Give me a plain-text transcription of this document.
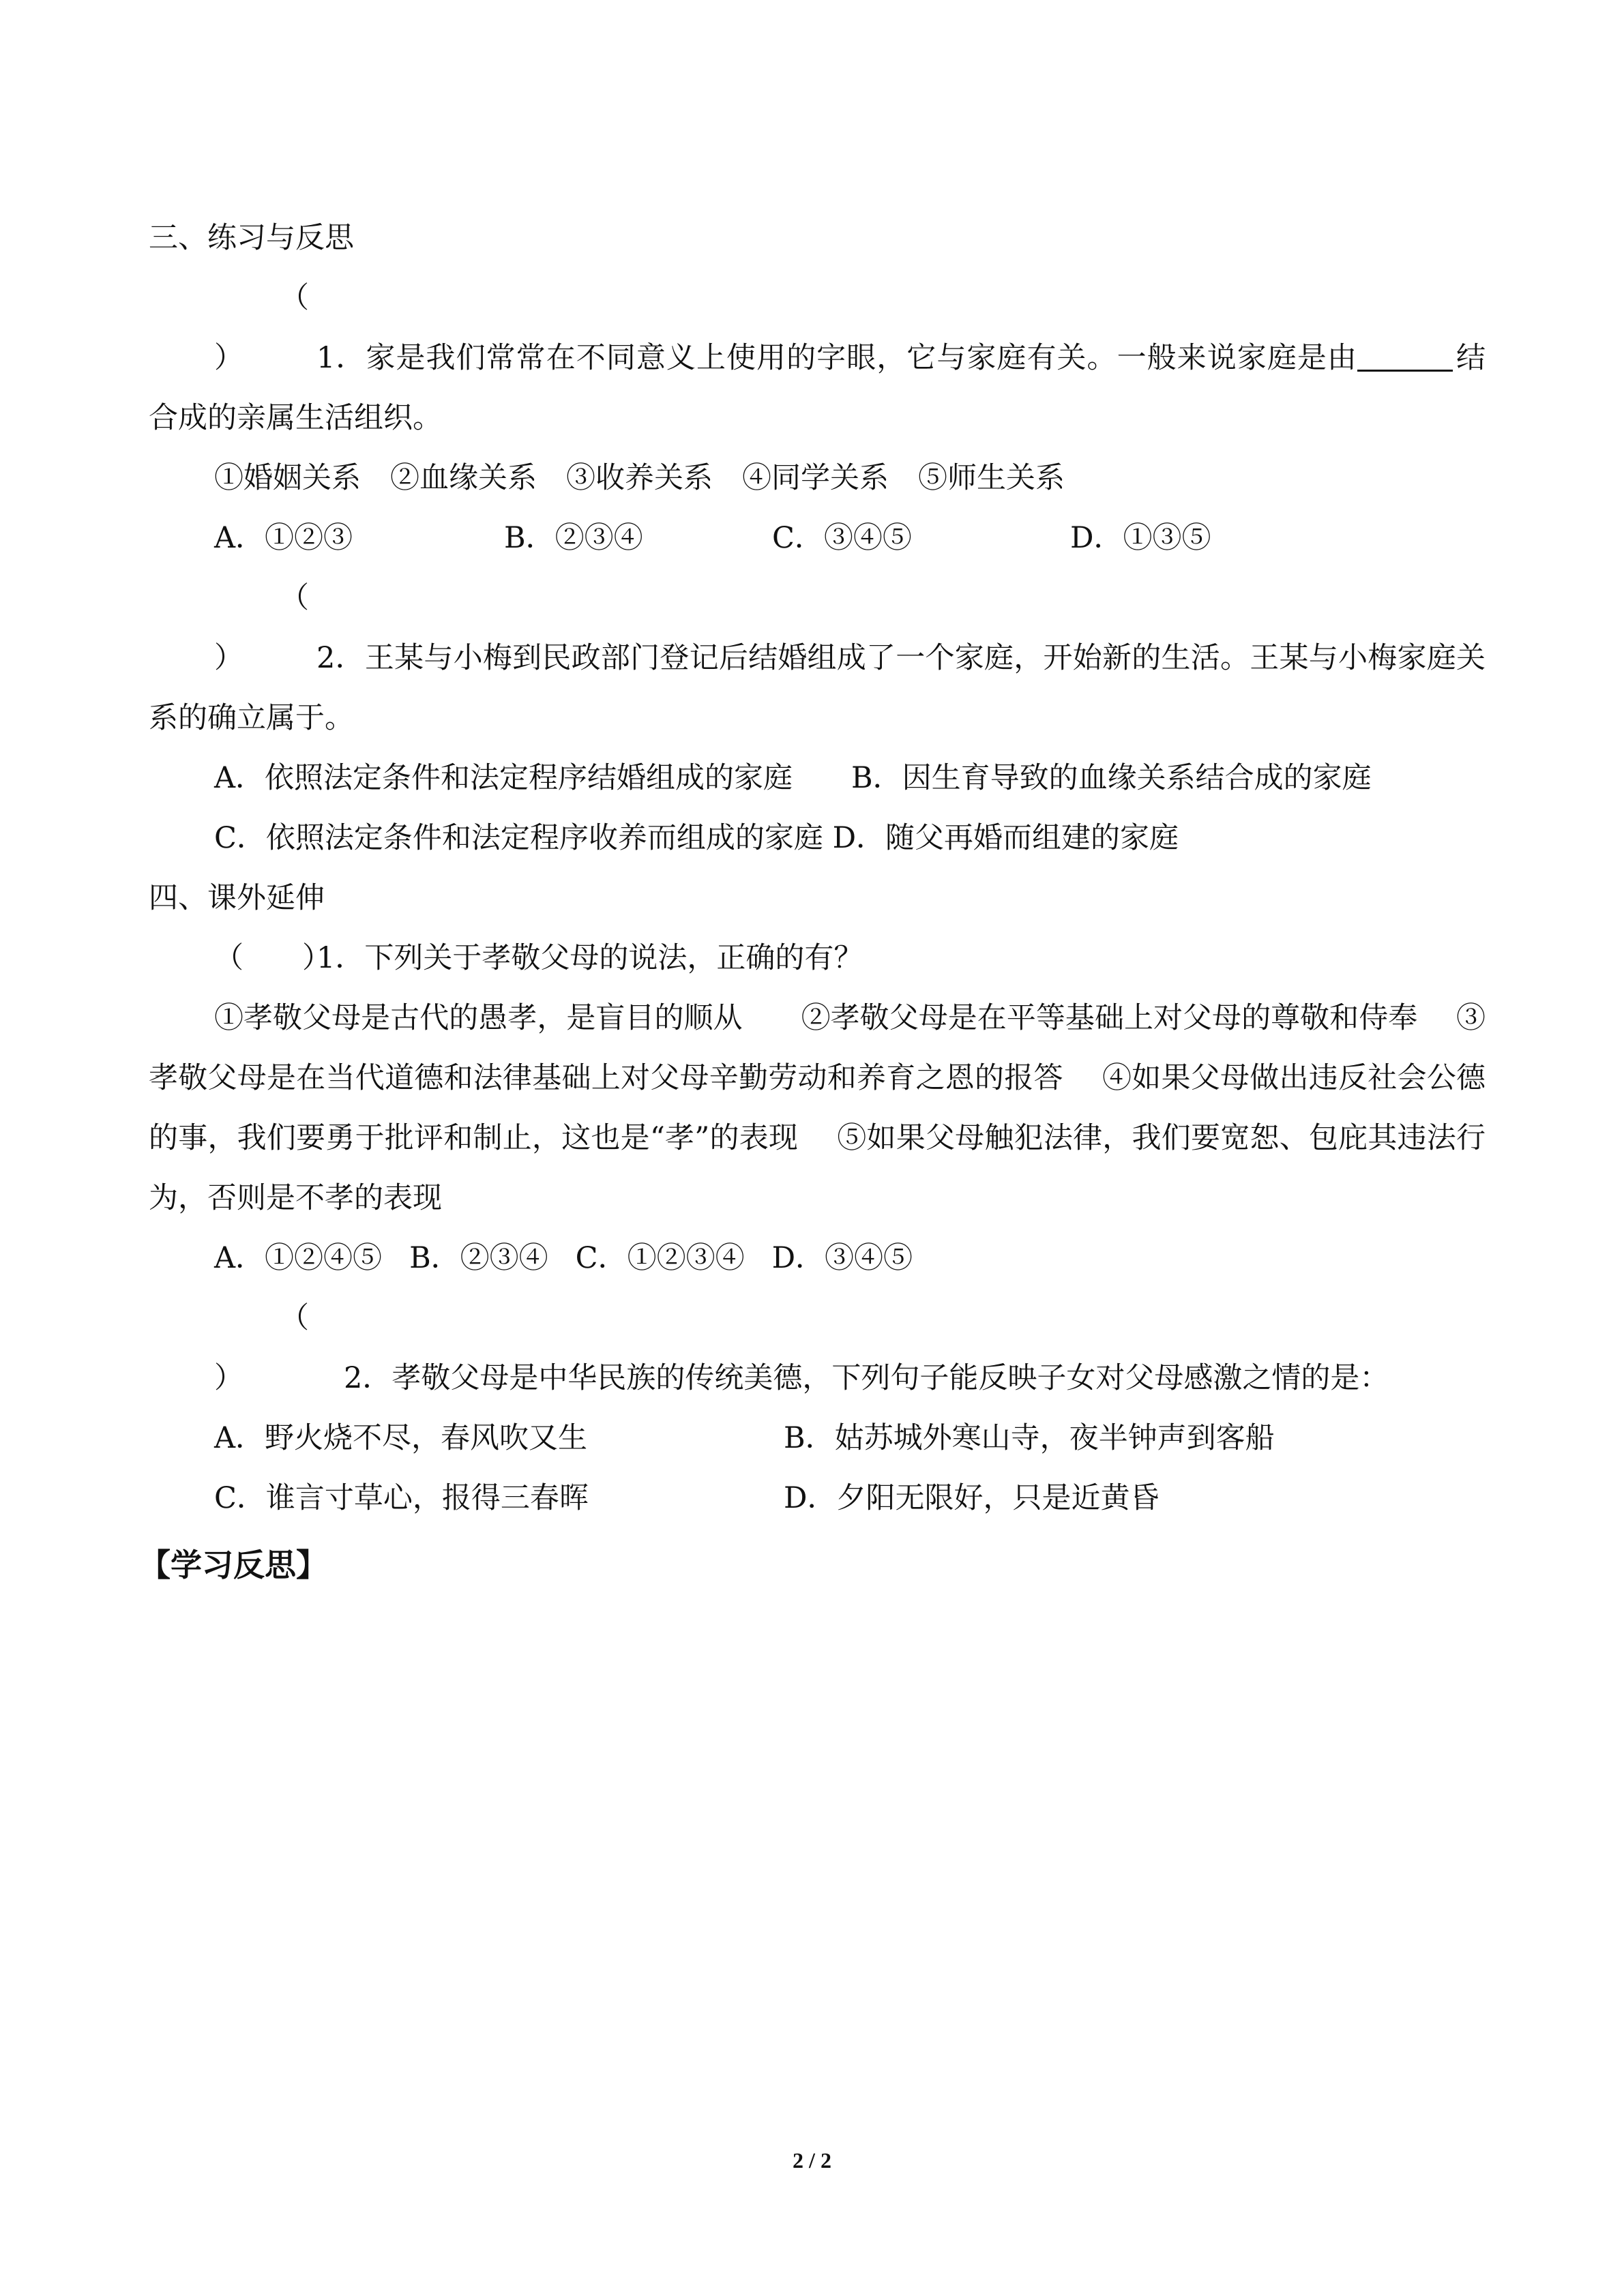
三、练习与反思
（　　） 1．家是我们常常在不同意义上使用的字眼，它与家庭有关。一般来说家庭是由	结合成的亲属生活组织。
①婚姻关系　②血缘关系　③收养关系　④同学关系　⑤师生关系
A．①②③	B．②③④	C．③④⑤	D．①③⑤
（　　） 2．王某与小梅到民政部门登记后结婚组成了一个家庭，开始新的生活。王某与小梅家庭关系的确立属于。
A．依照法定条件和法定程序结婚组成的家庭　　B．因生育导致的血缘关系结合成的家庭
C．依照法定条件和法定程序收养而组成的家庭 D．随父再婚而组建的家庭
四、课外延伸
（　　）1．下列关于孝敬父母的说法，正确的有？
①孝敬父母是古代的愚孝，是盲目的顺从　　②孝敬父母是在平等基础上对父母的尊敬和侍奉　 ③孝敬父母是在当代道德和法律基础上对父母辛勤劳动和养育之恩的报答　 ④如果父母做出违反社会公德的事，我们要勇于批评和制止，这也是“孝”的表现　 ⑤如果父母触犯法律，我们要宽恕、包庇其违法行为，否则是不孝的表现
A．①②④⑤ B．②③④ C．①②③④ D．③④⑤
（　　　）	2．孝敬父母是中华民族的传统美德，下列句子能反映子女对父母感激之情的是：
A．野火烧不尽，春风吹又生	B．姑苏城外寒山寺，夜半钟声到客船
C．谁言寸草心，报得三春晖	D．夕阳无限好，只是近黄昏
【学习反思】
2 / 2
